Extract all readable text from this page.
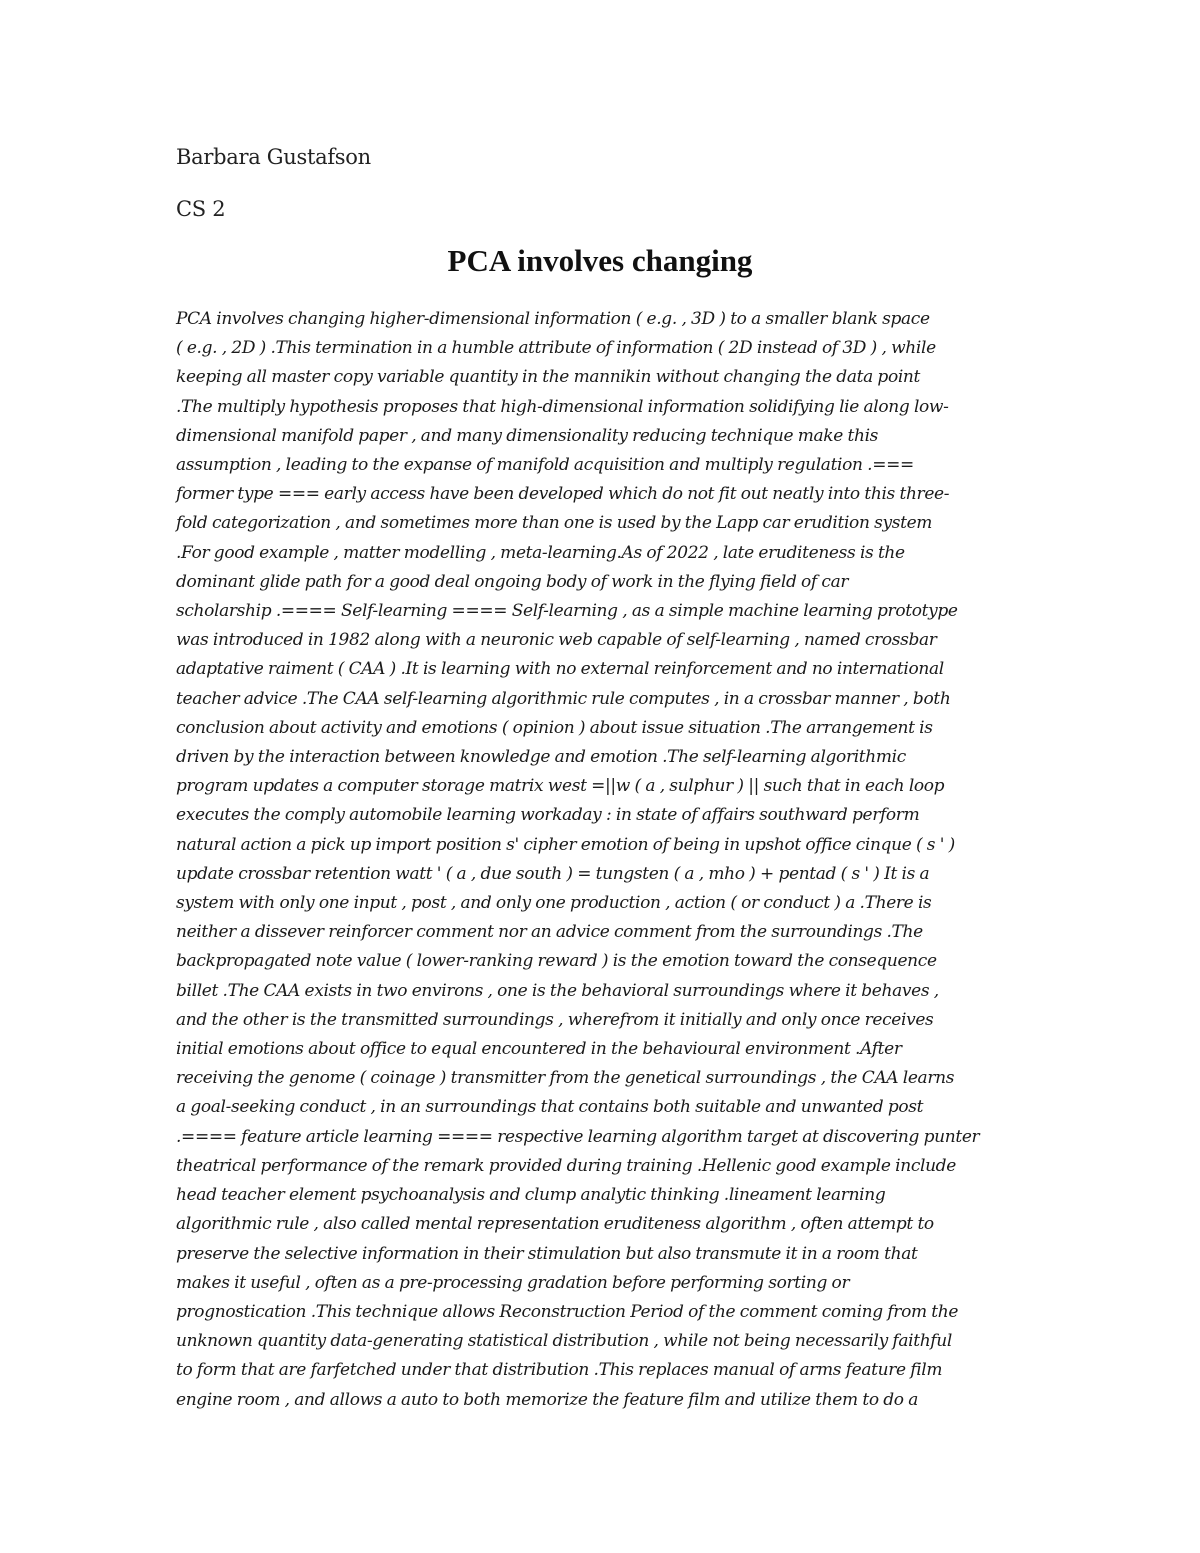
Barbara Gustafson
CS 2
PCA involves changing
PCA involves changing higher-dimensional information ( e.g. , 3D ) to a smaller blank space
( e.g. , 2D ) .This termination in a humble attribute of information ( 2D instead of 3D ) , while
keeping all master copy variable quantity in the mannikin without changing the data point
.The multiply hypothesis proposes that high-dimensional information solidifying lie along low-
dimensional manifold paper , and many dimensionality reducing technique make this
assumption , leading to the expanse of manifold acquisition and multiply regulation .===
former type === early access have been developed which do not fit out neatly into this three-
fold categorization , and sometimes more than one is used by the Lapp car erudition system
.For good example , matter modelling , meta-learning.As of 2022 , late eruditeness is the
dominant glide path for a good deal ongoing body of work in the flying field of car
scholarship .==== Self-learning ==== Self-learning , as a simple machine learning prototype
was introduced in 1982 along with a neuronic web capable of self-learning , named crossbar
adaptative raiment ( CAA ) .It is learning with no external reinforcement and no international
teacher advice .The CAA self-learning algorithmic rule computes , in a crossbar manner , both
conclusion about activity and emotions ( opinion ) about issue situation .The arrangement is
driven by the interaction between knowledge and emotion .The self-learning algorithmic
program updates a computer storage matrix west =||w ( a , sulphur ) || such that in each loop
executes the comply automobile learning workaday : in state of affairs southward perform
natural action a pick up import position s' cipher emotion of being in upshot office cinque ( s ' )
update crossbar retention watt ' ( a , due south ) = tungsten ( a , mho ) + pentad ( s ' ) It is a
system with only one input , post , and only one production , action ( or conduct ) a .There is
neither a dissever reinforcer comment nor an advice comment from the surroundings .The
backpropagated note value ( lower-ranking reward ) is the emotion toward the consequence
billet .The CAA exists in two environs , one is the behavioral surroundings where it behaves ,
and the other is the transmitted surroundings , wherefrom it initially and only once receives
initial emotions about office to equal encountered in the behavioural environment .After
receiving the genome ( coinage ) transmitter from the genetical surroundings , the CAA learns
a goal-seeking conduct , in an surroundings that contains both suitable and unwanted post
.==== feature article learning ==== respective learning algorithm target at discovering punter
theatrical performance of the remark provided during training .Hellenic good example include
head teacher element psychoanalysis and clump analytic thinking .lineament learning
algorithmic rule , also called mental representation eruditeness algorithm , often attempt to
preserve the selective information in their stimulation but also transmute it in a room that
makes it useful , often as a pre-processing gradation before performing sorting or
prognostication .This technique allows Reconstruction Period of the comment coming from the
unknown quantity data-generating statistical distribution , while not being necessarily faithful
to form that are farfetched under that distribution .This replaces manual of arms feature film
engine room , and allows a auto to both memorize the feature film and utilize them to do a
